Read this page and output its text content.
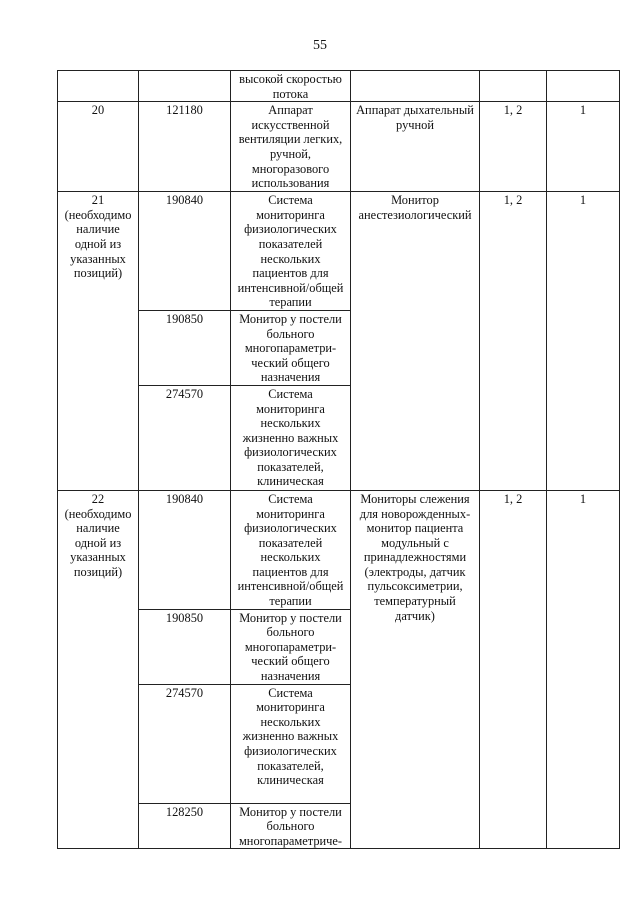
55
		высокой скоростью потока			
20	121180	Аппарат искусственной вентиляции легких, ручной, многоразового использования	Аппарат дыхательный ручной	1, 2	1

21
(необходимо наличие одной из указанных позиций)	190840	Система мониторинга физиологических показателей нескольких пациентов для интенсивной/общей терапии	Монитор анестезиологический	1, 2	1
	190850	Монитор у постели больного многопараметри-ческий общего назначения			
	274570	Система мониторинга нескольких жизненно важных физиологических показателей, клиническая			

22
(необходимо наличие одной из указанных позиций)	190840	Система мониторинга физиологических показателей нескольких пациентов для интенсивной/общей терапии	Мониторы слежения для новорожденных-монитор пациента модульный с принадлежностями (электроды, датчик пульсоксиметрии, температурный датчик)	1, 2	1
	190850	Монитор у постели больного многопараметри-ческий общего назначения			
	274570	Система мониторинга нескольких жизненно важных физиологических показателей, клиническая			
	128250	Монитор у постели больного многопараметриче-			
